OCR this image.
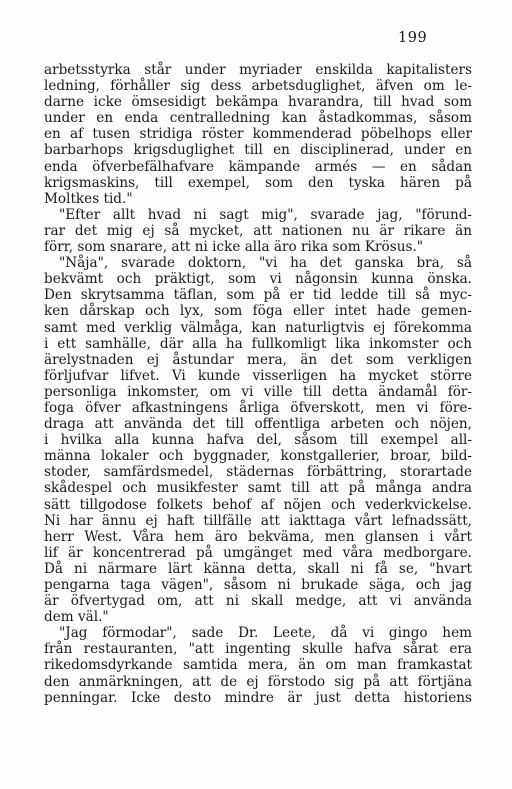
199
arbetsstyrka står under myriader enskilda kapitalisters
ledning, förhåller sig dess arbetsduglighet, äfven om le-
darne icke ömsesidigt bekämpa hvarandra, till hvad som
under en enda centralledning kan åstadkommas, såsom
en af tusen stridiga röster kommenderad pöbelhops eller
barbarhops krigsduglighet till en disciplinerad, under en
enda öfverbefälhafvare kämpande armés — en sådan
krigsmaskins, till exempel, som den tyska hären på
Moltkes tid."
"Efter allt hvad ni sagt mig", svarade jag, "förund-
rar det mig ej så mycket, att nationen nu är rikare än
förr, som snarare, att ni icke alla äro rika som Krösus."
"Nåja", svarade doktorn, "vi ha det ganska bra, så
bekvämt och präktigt, som vi någonsin kunna önska.
Den skrytsamma täflan, som på er tid ledde till så myc-
ken dårskap och lyx, som föga eller intet hade gemen-
samt med verklig välmåga, kan naturligtvis ej förekomma
i ett samhälle, där alla ha fullkomligt lika inkomster och
ärelystnaden ej åstundar mera, än det som verkligen
förljufvar lifvet. Vi kunde visserligen ha mycket större
personliga inkomster, om vi ville till detta ändamål för-
foga öfver afkastningens årliga öfverskott, men vi före-
draga att använda det till offentliga arbeten och nöjen,
i hvilka alla kunna hafva del, såsom till exempel all-
männa lokaler och byggnader, konstgallerier, broar, bild-
stoder, samfärdsmedel, städernas förbättring, storartade
skådespel och musikfester samt till att på många andra
sätt tillgodose folkets behof af nöjen och vederkvickelse.
Ni har ännu ej haft tillfälle att iakttaga vårt lefnadssätt,
herr West. Våra hem äro bekväma, men glansen i vårt
lif är koncentrerad på umgänget med våra medborgare.
Då ni närmare lärt känna detta, skall ni få se, "hvart
pengarna taga vägen", såsom ni brukade säga, och jag
är öfvertygad om, att ni skall medge, att vi använda
dem väl."
"Jag förmodar", sade Dr. Leete, då vi gingo hem
från restauranten, "att ingenting skulle hafva sårat era
rikedomsdyrkande samtida mera, än om man framkastat
den anmärkningen, att de ej förstodo sig på att förtjäna
penningar. Icke desto mindre är just detta historiens
